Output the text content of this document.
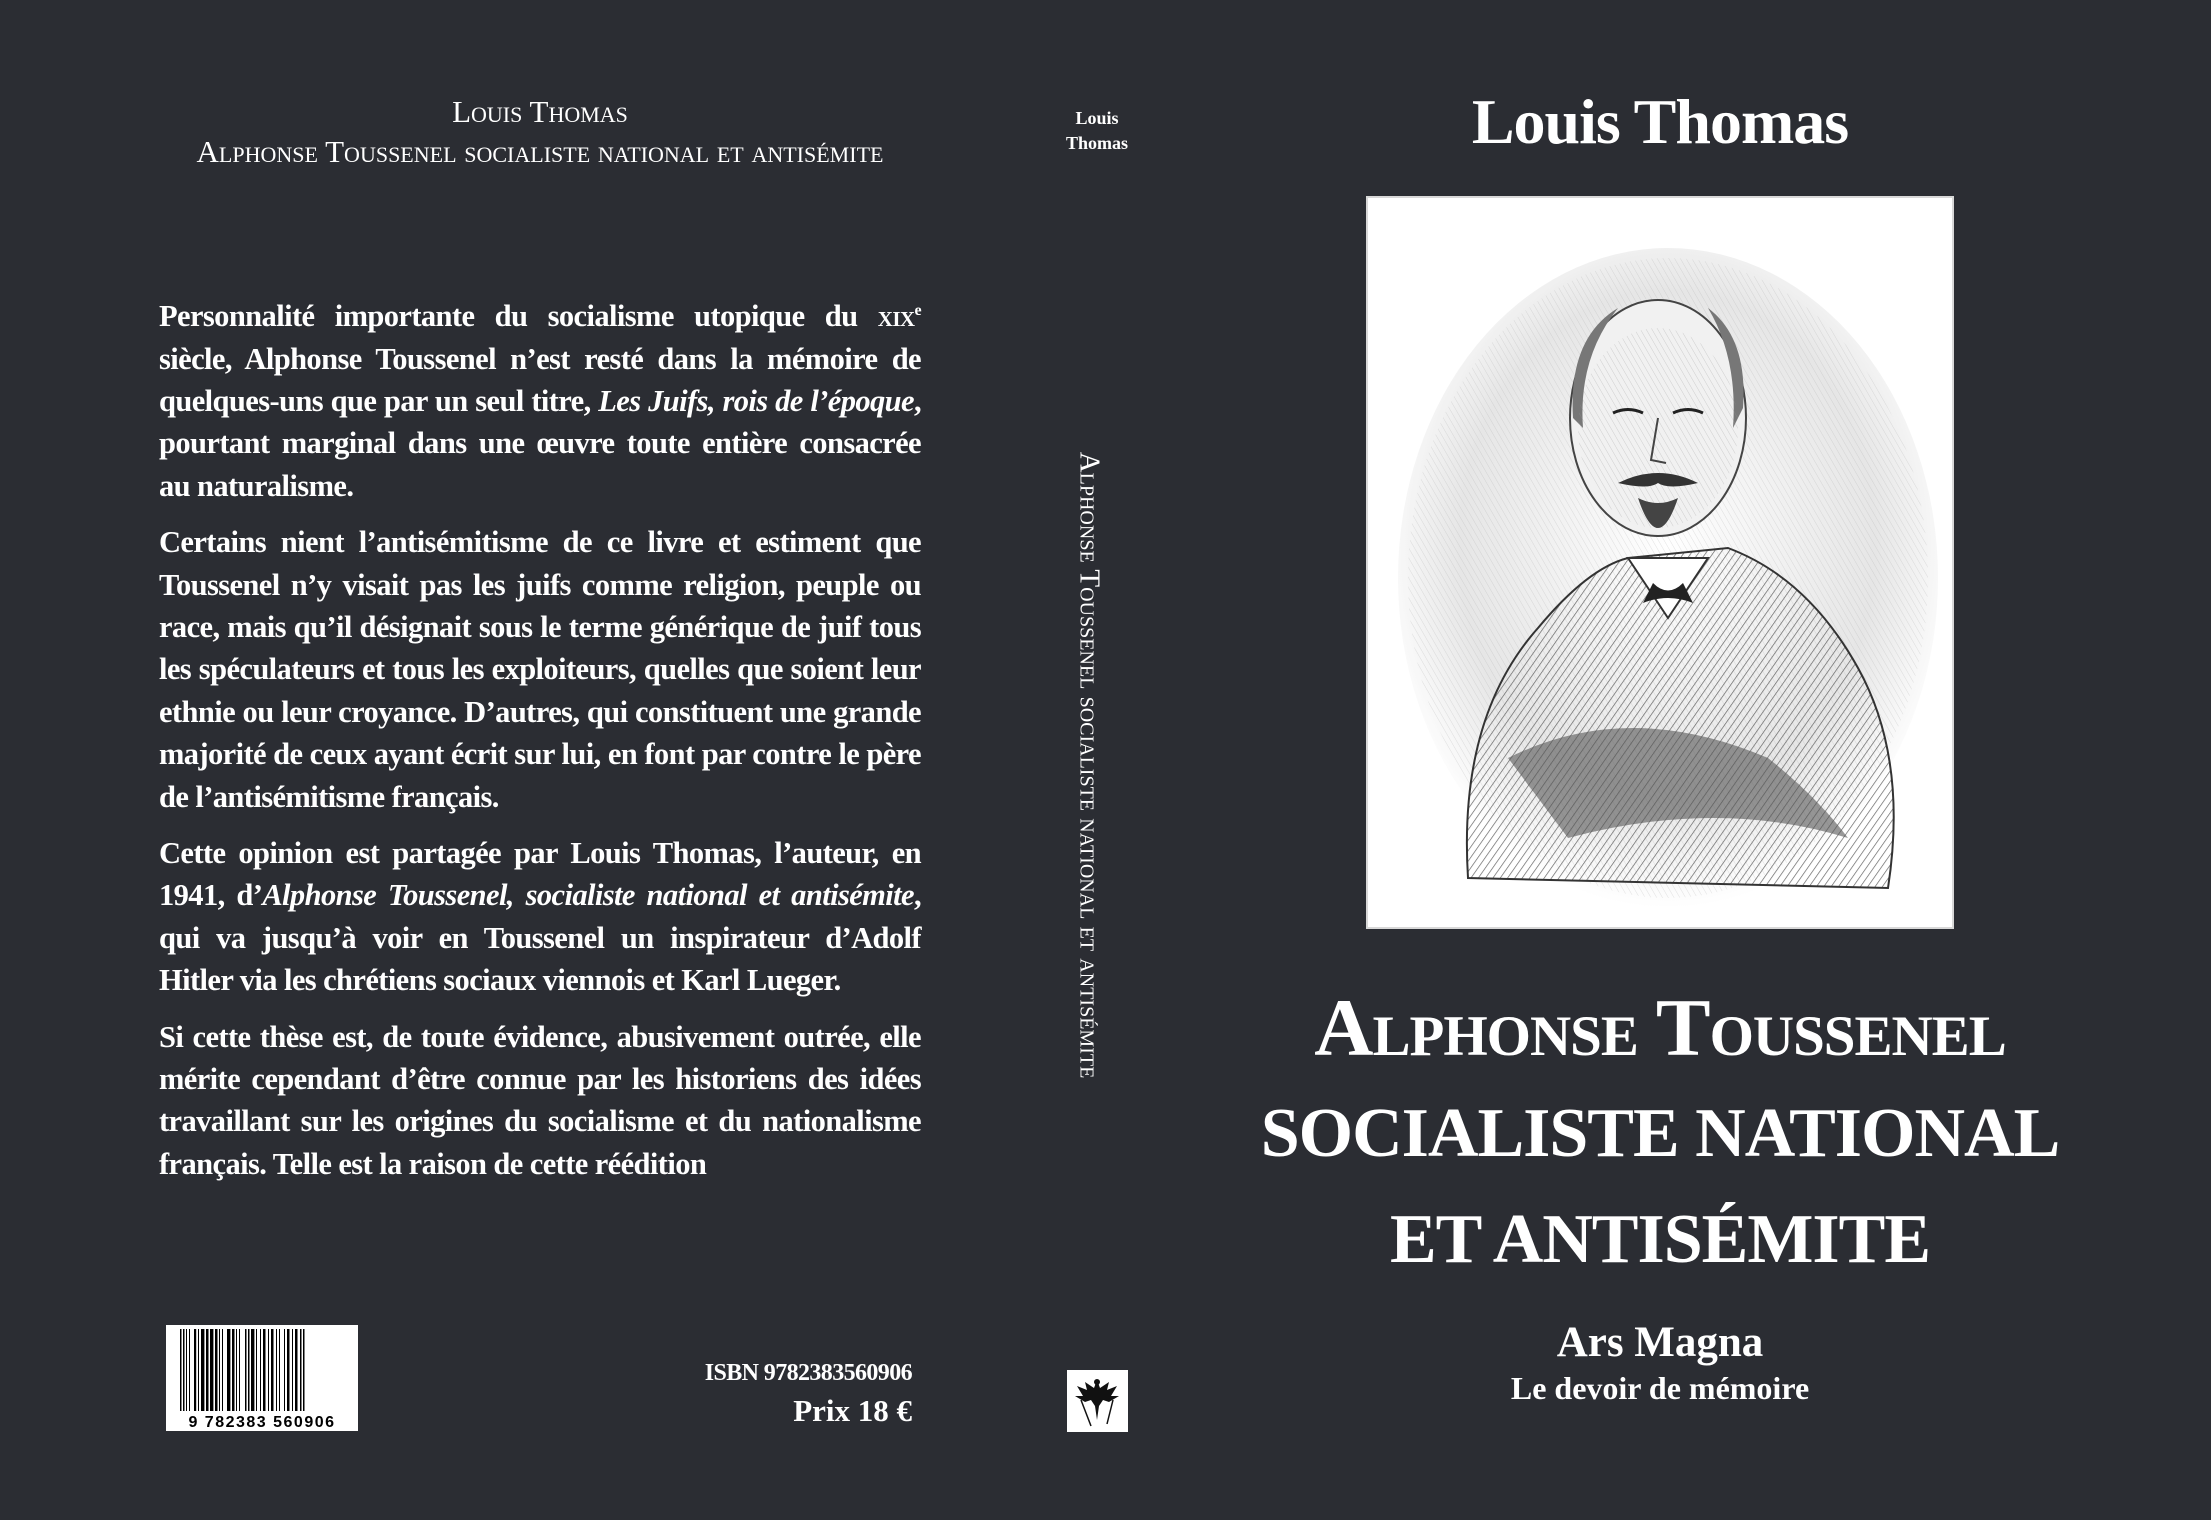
Louis Thomas
Alphonse Toussenel socialiste national et antisémite

Personnalité importante du socialisme utopique du xix$^e$ siècle, Alphonse Toussenel n’est resté dans la mémoire de quelques-uns que par un seul titre, Les Juifs, rois de l’époque, pourtant marginal dans une œuvre toute entière consacrée au naturalisme.

Certains nient l’antisémitisme de ce livre et estiment que Toussenel n’y visait pas les juifs comme religion, peuple ou race, mais qu’il désignait sous le terme générique de juif tous les spéculateurs et tous les exploiteurs, quelles que soient leur ethnie ou leur croyance. D’autres, qui constituent une grande majorité de ceux ayant écrit sur lui, en font par contre le père de l’antisémitisme français.

Cette opinion est partagée par Louis Thomas, l’auteur, en 1941, d’Alphonse Toussenel, socialiste national et antisémite, qui va jusqu’à voir en Toussenel un inspirateur d’Adolf Hitler via les chrétiens sociaux viennois et Karl Lueger.

Si cette thèse est, de toute évidence, abusivement outrée, elle mérite cependant d’être connue par les historiens des idées travaillant sur les origines du socialisme et du nationalisme français. Telle est la raison de cette réédition

9 782383 560906
ISBN 9782383560906
Prix 18 €
Louis
Thomas
Alphonse Toussenel socialiste national et antisémite
Louis Thomas
Alphonse Toussenel
SOCIALISTE NATIONAL
ET ANTISÉMITE
Ars Magna
Le devoir de mémoire
